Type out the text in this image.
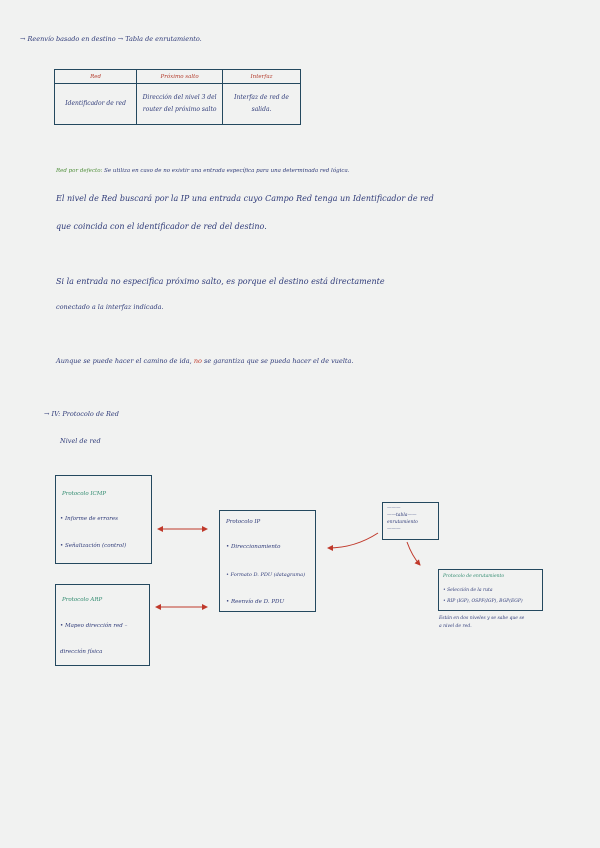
→ Reenvío basado en destino → Tabla de enrutamiento.
Red	Próximo salto	Interfaz
Identificador de red	Dirección del nivel 3 del router del próximo salto	Interfaz de red de salida.
Red por defecto: Se utiliza en caso de no existir una entrada específica para una determinada red lógica.
El nivel de Red buscará por la IP una entrada cuyo Campo Red tenga un Identificador de red
que coincida con el identificador de red del destino.
Si la entrada no especifica próximo salto, es porque el destino está directamente
conectado a la interfaz indicada.
Aunque se puede hacer el camino de ida, no se garantiza que se pueda hacer el de vuelta.
→ IV: Protocolo de Red
Nivel de red
Protocolo ICMP
• Informe de errores
• Señalización (control)
Protocolo ARP
• Mapeo dirección red –
dirección física
Protocolo IP
• Direccionamiento
• Formato D. PDU (datagrama)
• Reenvío de D. PDU
———
——tabla——
enrutamiento
———
Protocolo de enrutamiento
• Selección de la ruta
• RIP (IGP), OSPF(IGP), BGP(EGP)
Están en dos niveles y se sabe que se
a nivel de red.
